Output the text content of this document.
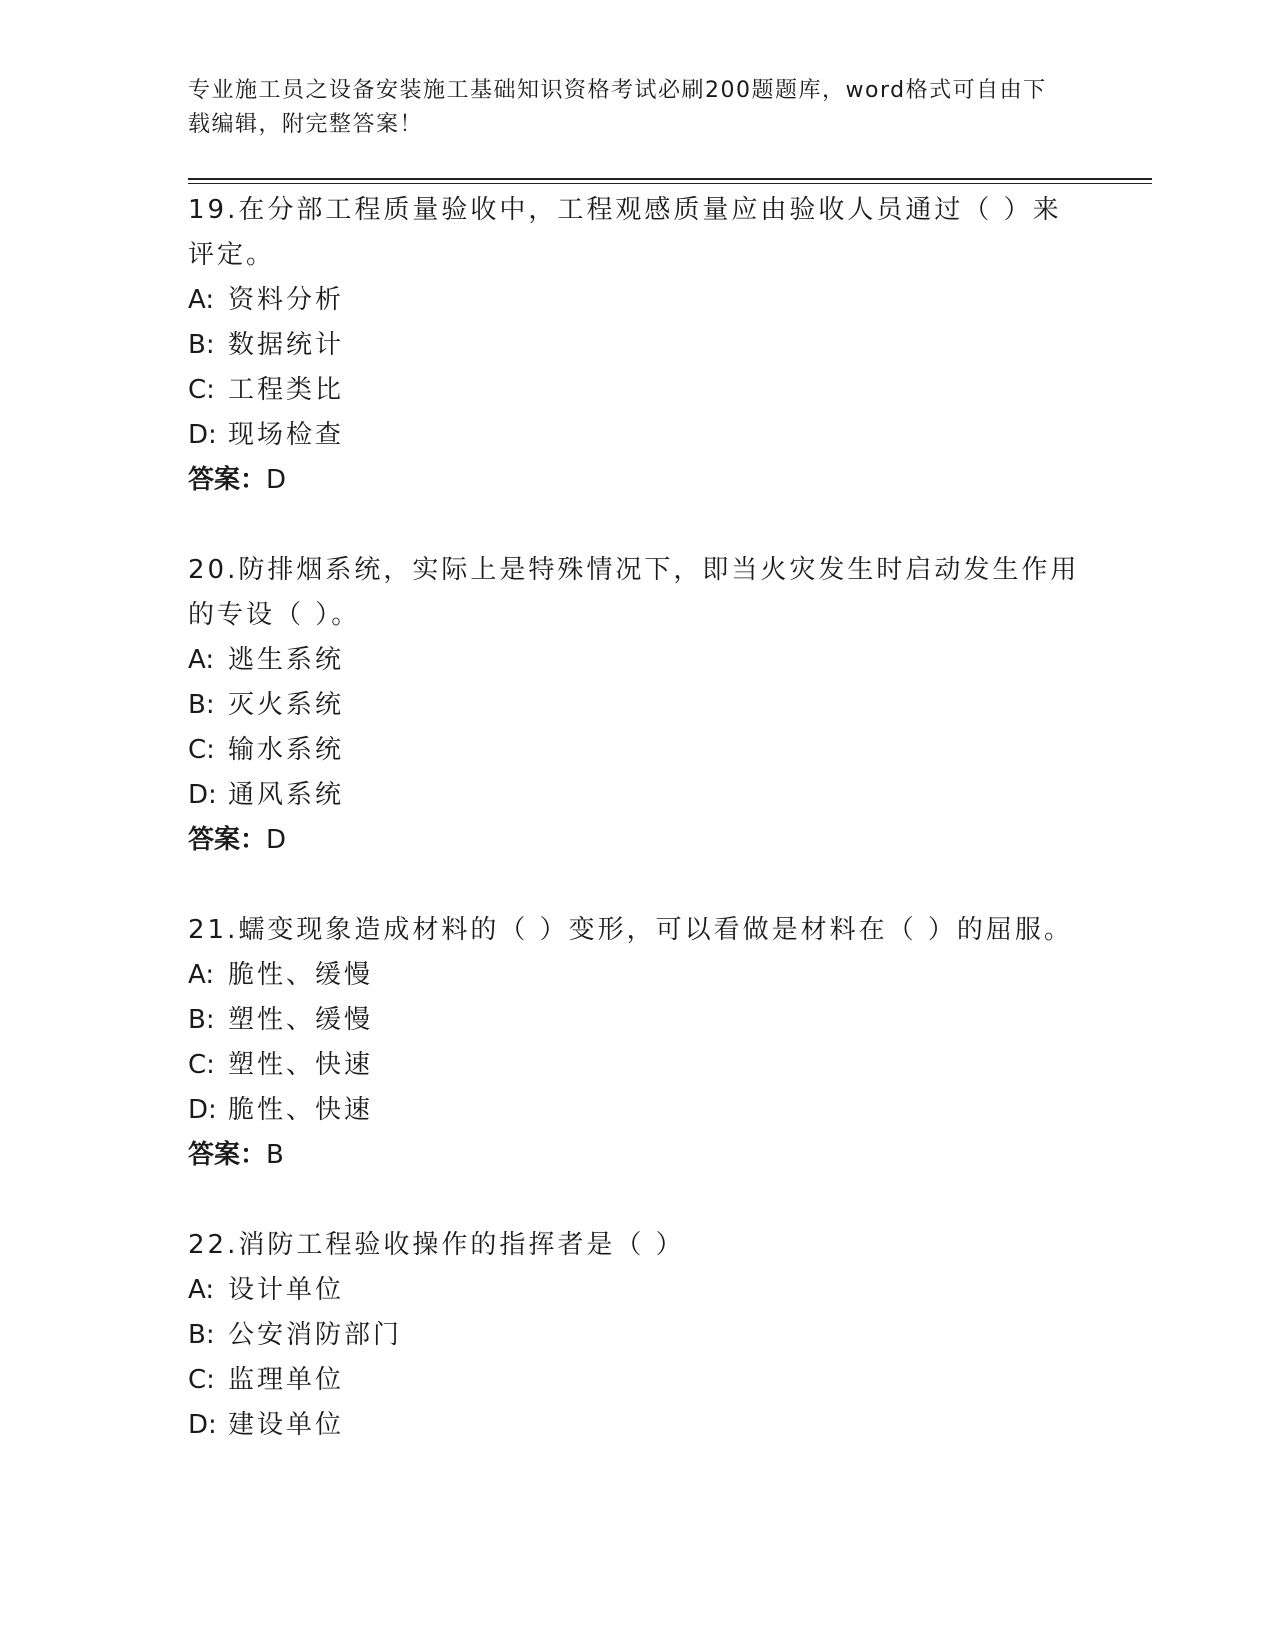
专业施工员之设备安装施工基础知识资格考试必刷200题题库，word格式可自由下载编辑，附完整答案！

19.在分部工程质量验收中，工程观感质量应由验收人员通过（ ）来评定。

A: 资料分析
B: 数据统计
C: 工程类比
D: 现场检查
答案：D

20.防排烟系统，实际上是特殊情况下，即当火灾发生时启动发生作用的专设（ ）。

A: 逃生系统
B: 灭火系统
C: 输水系统
D: 通风系统
答案：D

21.蠕变现象造成材料的（ ）变形，可以看做是材料在（ ）的屈服。

A: 脆性、缓慢
B: 塑性、缓慢
C: 塑性、快速
D: 脆性、快速
答案：B

22.消防工程验收操作的指挥者是（ ）

A: 设计单位
B: 公安消防部门
C: 监理单位
D: 建设单位
